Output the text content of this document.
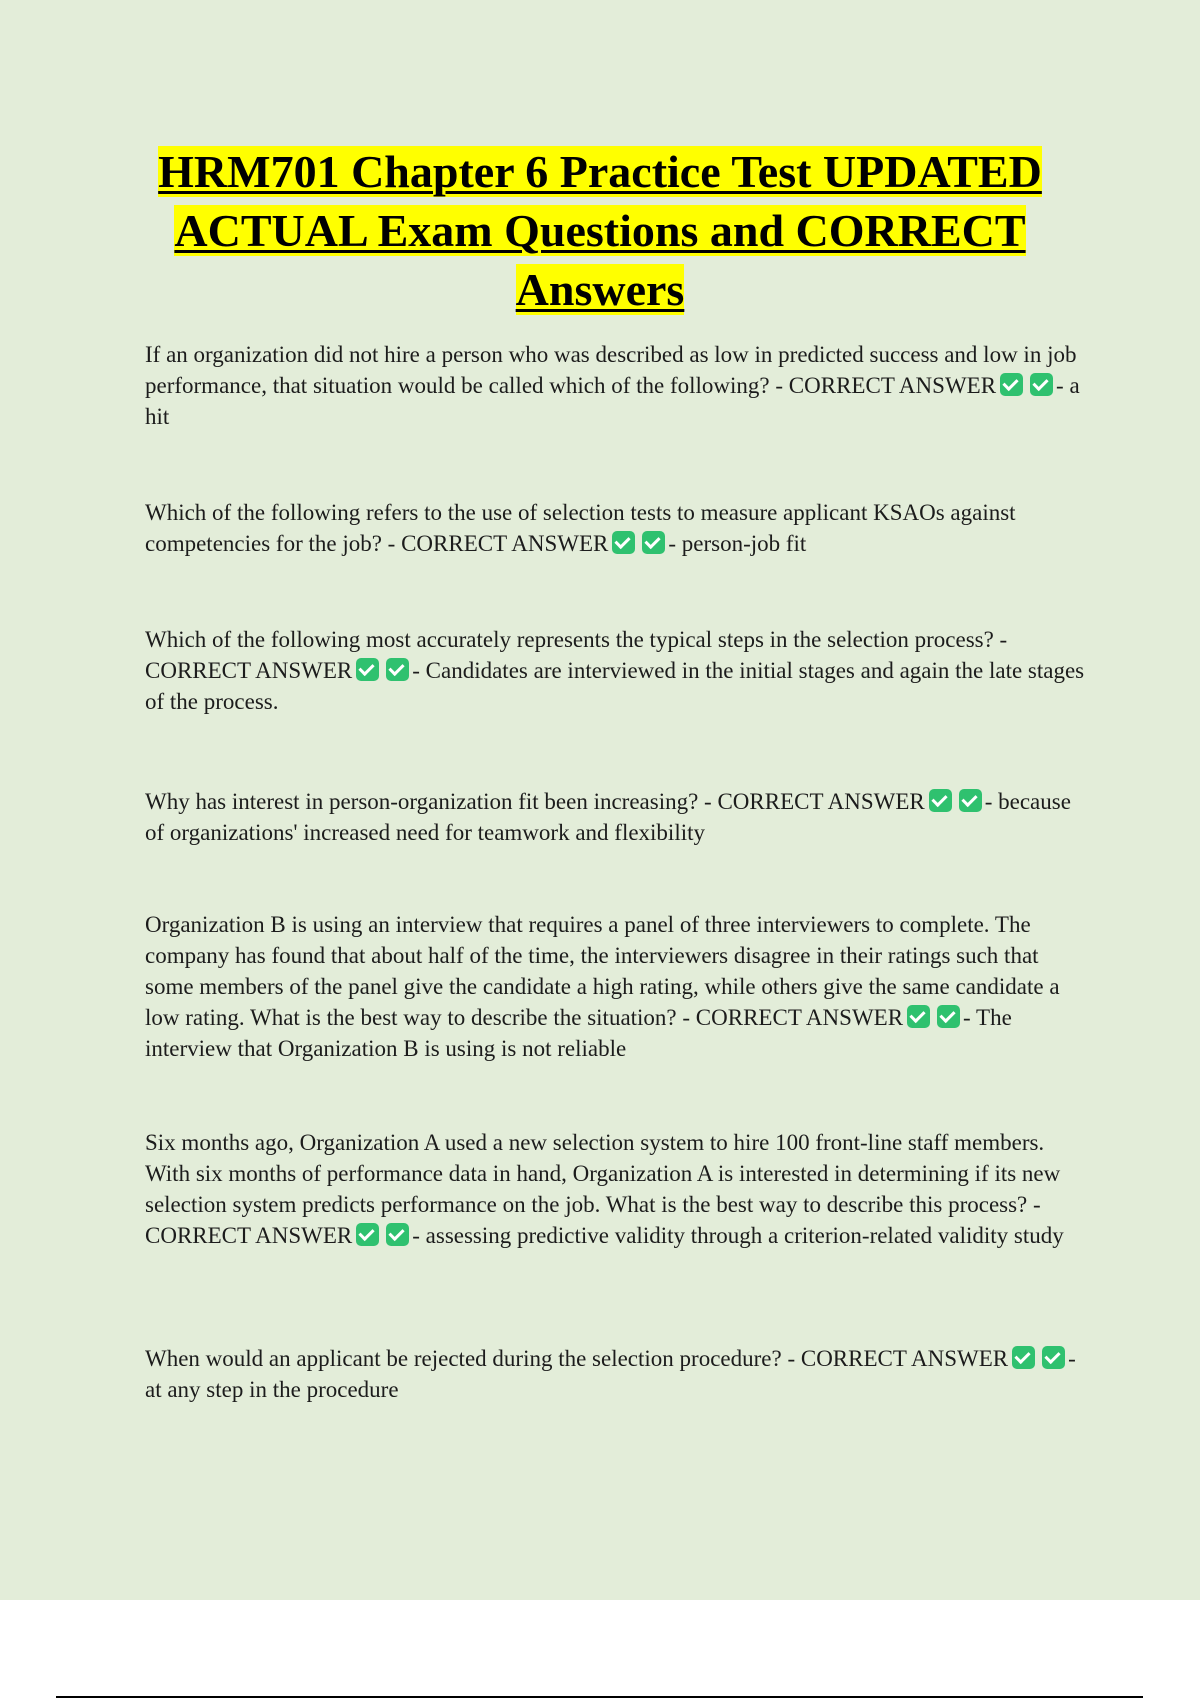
HRM701 Chapter 6 Practice Test UPDATED
ACTUAL Exam Questions and CORRECT
Answers
If an organization did not hire a person who was described as low in predicted success and low in job performance, that situation would be called which of the following? - CORRECT ANSWER	- a hit
Which of the following refers to the use of selection tests to measure applicant KSAOs against competencies for the job? - CORRECT ANSWER	- person-job fit
Which of the following most accurately represents the typical steps in the selection process? - CORRECT ANSWER	- Candidates are interviewed in the initial stages and again the late stages of the process.
Why has interest in person-organization fit been increasing? - CORRECT ANSWER	- because of organizations' increased need for teamwork and flexibility
Organization B is using an interview that requires a panel of three interviewers to complete. The company has found that about half of the time, the interviewers disagree in their ratings such that some members of the panel give the candidate a high rating, while others give the same candidate a low rating. What is the best way to describe the situation? - CORRECT ANSWER	- The interview that Organization B is using is not reliable
Six months ago, Organization A used a new selection system to hire 100 front-line staff members. With six months of performance data in hand, Organization A is interested in determining if its new selection system predicts performance on the job. What is the best way to describe this process? - CORRECT ANSWER	- assessing predictive validity through a criterion-related validity study
When would an applicant be rejected during the selection procedure? - CORRECT ANSWER	- at any step in the procedure
